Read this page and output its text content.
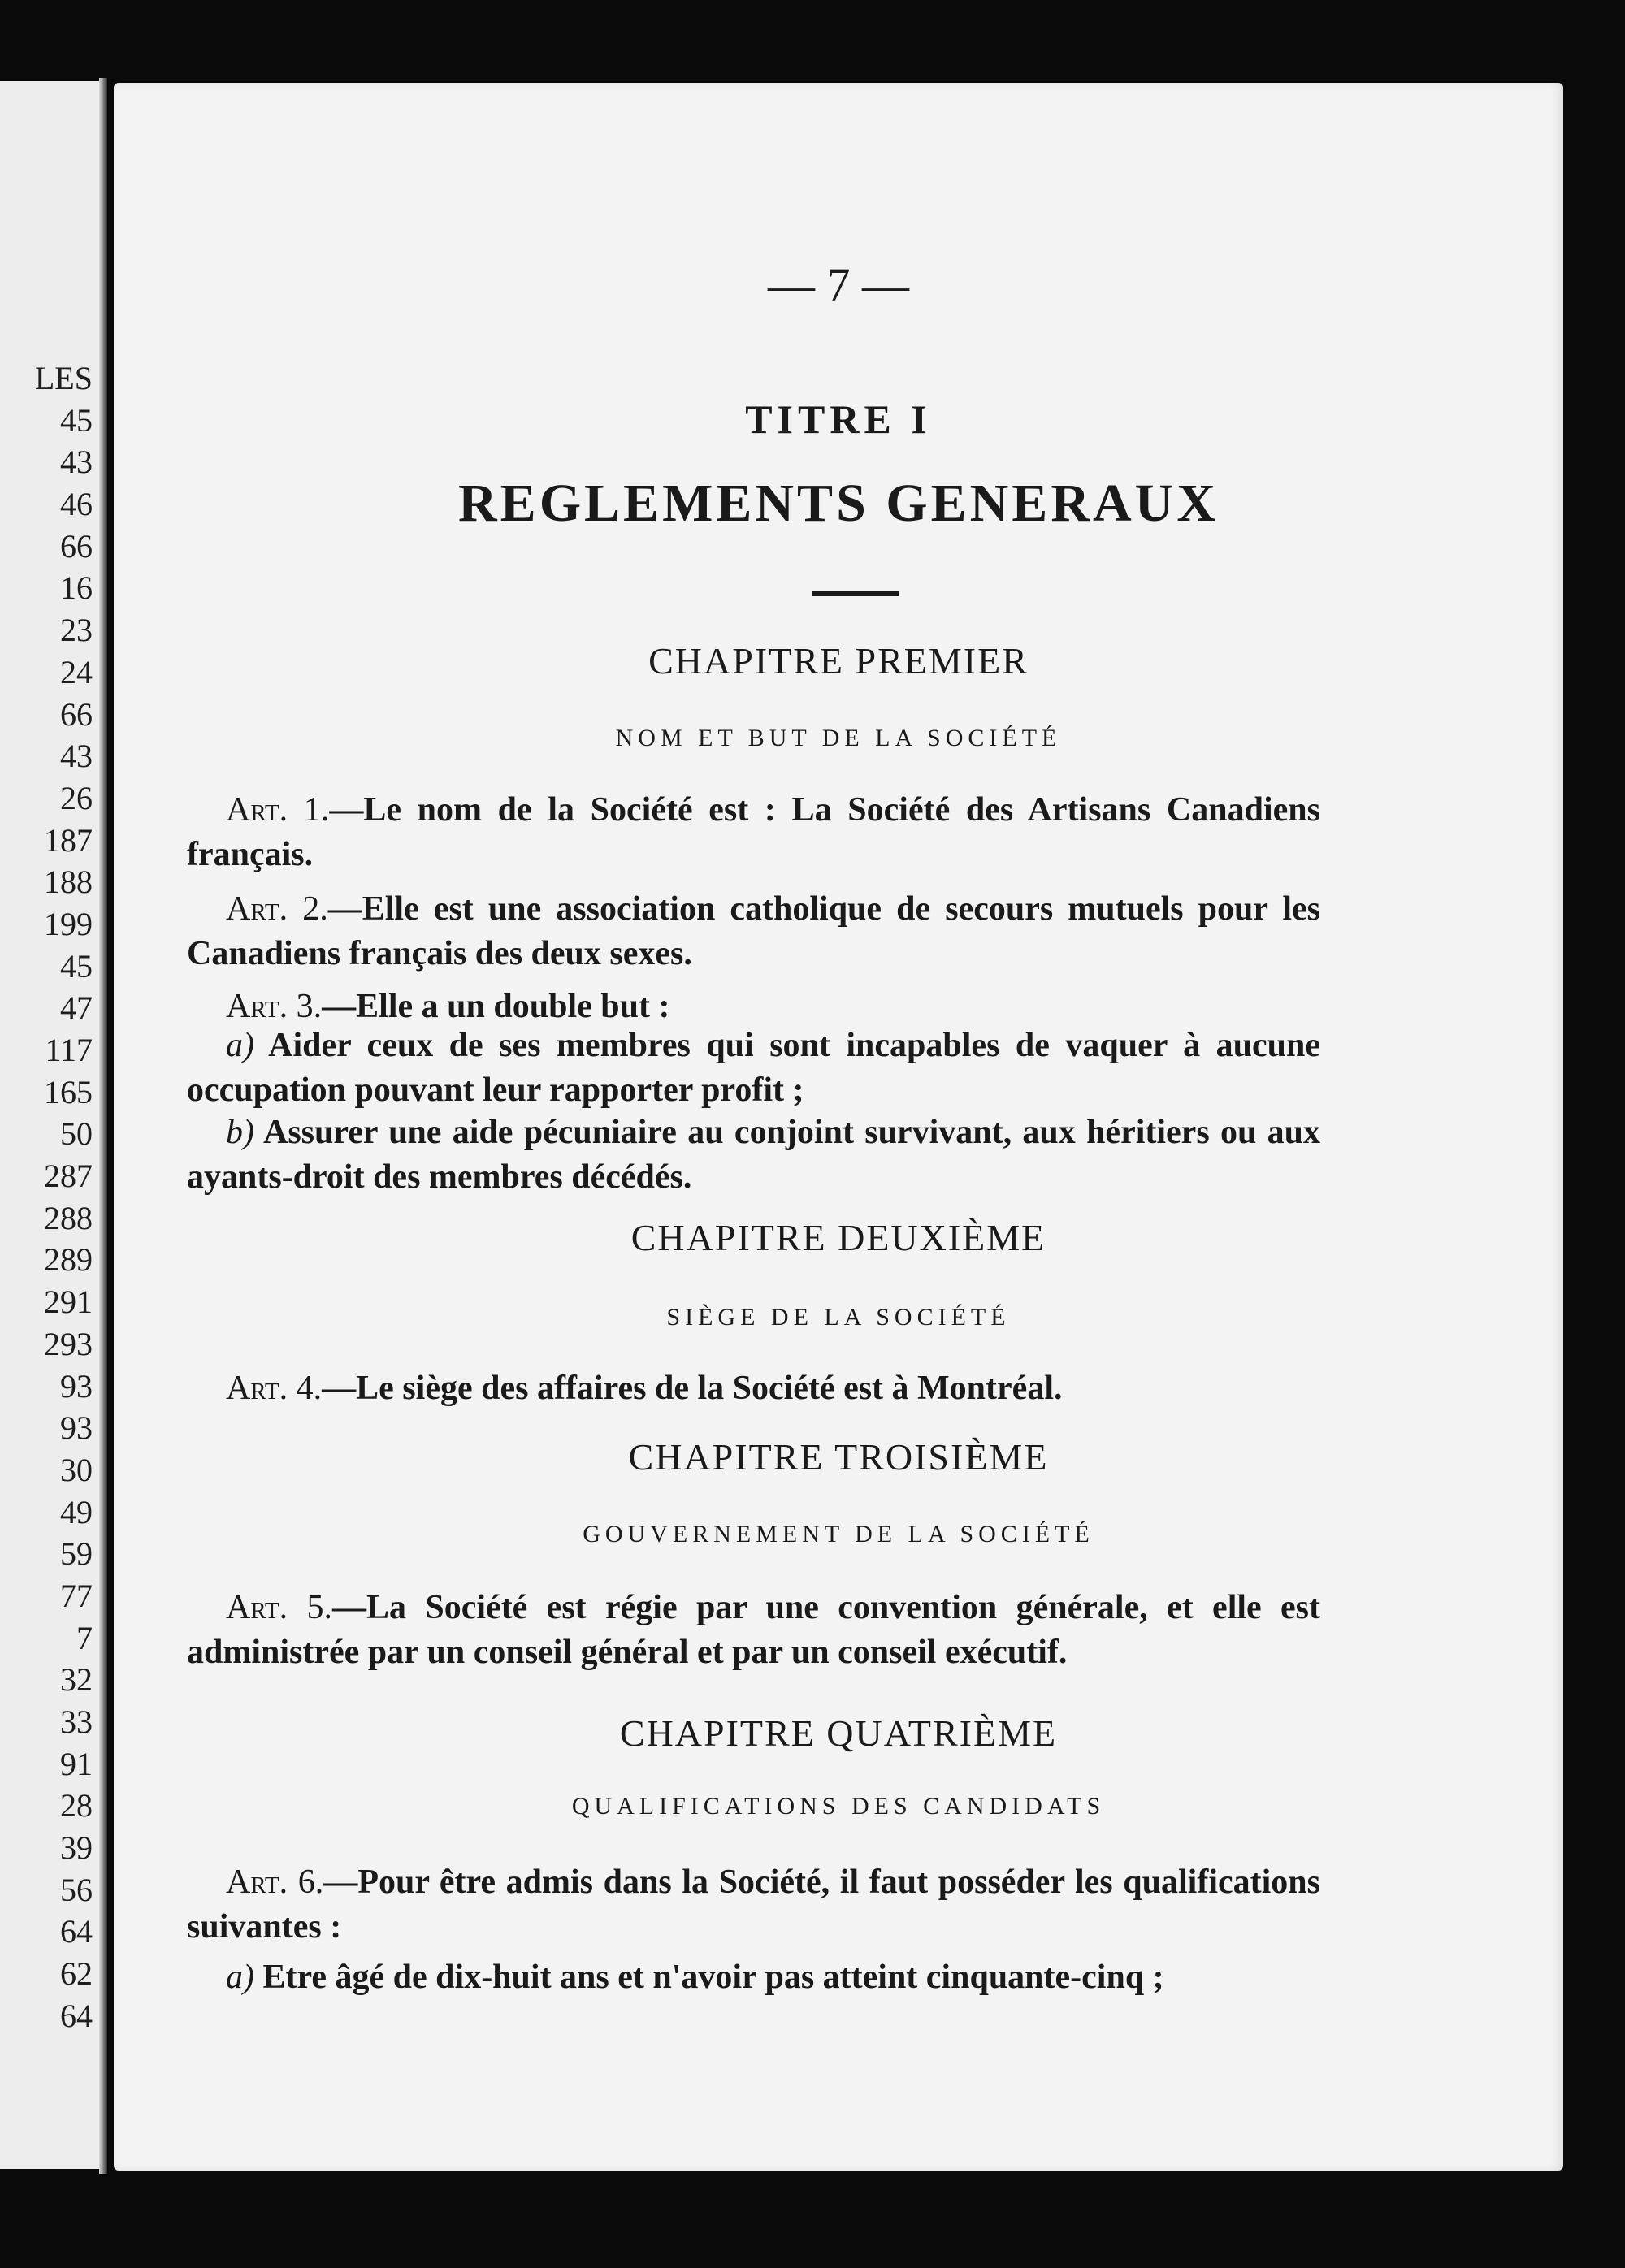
LES
45
43
46
66
16
23
24
66
43
26
187
188
199
45
47
117
165
50
287
288
289
291
293
93
93
30
49
59
77
7
32
33
91
28
39
56
64
62
64
— 7 —
TITRE I
REGLEMENTS GENERAUX
CHAPITRE PREMIER
NOM ET BUT DE LA SOCIÉTÉ

Art. 1.—Le nom de la Société est : La Société des Artisans Canadiens français.

Art. 2.—Elle est une association catholique de secours mutuels pour les Canadiens français des deux sexes.

Art. 3.—Elle a un double but :

a) Aider ceux de ses membres qui sont incapables de vaquer à aucune occupation pouvant leur rapporter profit ;

b) Assurer une aide pécuniaire au conjoint survivant, aux héritiers ou aux ayants-droit des membres décédés.

CHAPITRE DEUXIÈME
SIÈGE DE LA SOCIÉTÉ

Art. 4.—Le siège des affaires de la Société est à Montréal.

CHAPITRE TROISIÈME
GOUVERNEMENT DE LA SOCIÉTÉ

Art. 5.—La Société est régie par une convention générale, et elle est administrée par un conseil général et par un conseil exécutif.

CHAPITRE QUATRIÈME
QUALIFICATIONS DES CANDIDATS

Art. 6.—Pour être admis dans la Société, il faut posséder les qualifications suivantes :

a) Etre âgé de dix-huit ans et n'avoir pas atteint cinquante-cinq ;
